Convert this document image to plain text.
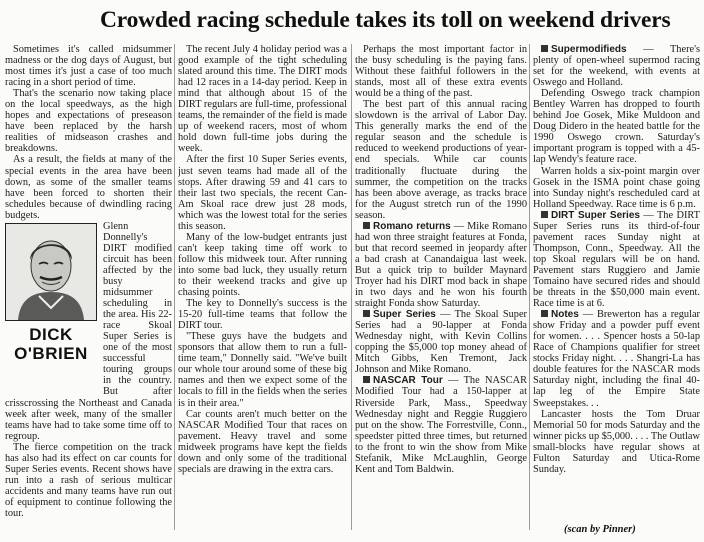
Crowded racing schedule takes its toll on weekend drivers

Sometimes it's called midsummer madness or the dog days of August, but most times it's just a case of too much racing in a short period of time.

That's the scenario now taking place on the local speedways, as the high hopes and expectations of preseason have been replaced by the harsh realities of midseason crashes and breakdowns.

As a result, the fields at many of the special events in the area have been down, as some of the smaller teams have been forced to shorten their schedules because of dwindling racing budgets.

DICK
O'BRIEN

Glenn Donnelly's DIRT modified circuit has been affected by the busy midsummer scheduling in the area. His 22-race Skoal Super Series is one of the most successful touring groups in the country. But after crisscrossing the Northeast and Canada week after week, many of the smaller teams have had to take some time off to regroup.

The fierce competition on the track has also had its effect on car counts for Super Series events. Recent shows have run into a rash of serious multicar accidents and many teams have run out of equipment to continue following the tour.

The recent July 4 holiday period was a good example of the tight scheduling slated around this time. The DIRT mods had 12 races in a 14-day period. Keep in mind that although about 15 of the DIRT regulars are full-time, professional teams, the remainder of the field is made up of weekend racers, most of whom hold down full-time jobs during the week.

After the first 10 Super Series events, just seven teams had made all of the stops. After drawing 59 and 41 cars to their last two specials, the recent Can-Am Skoal race drew just 28 mods, which was the lowest total for the series this season.

Many of the low-budget entrants just can't keep taking time off work to follow this midweek tour. After running into some bad luck, they usually return to their weekend tracks and give up chasing points.

The key to Donnelly's success is the 15-20 full-time teams that follow the DIRT tour.

"These guys have the budgets and sponsors that allow them to run a full-time team," Donnelly said. "We've built our whole tour around some of these big names and then we expect some of the locals to fill in the fields when the series is in their area."

Car counts aren't much better on the NASCAR Modified Tour that races on pavement. Heavy travel and some midweek programs have kept the fields down and only some of the traditional specials are drawing in the extra cars.

Perhaps the most important factor in the busy scheduling is the paying fans. Without these faithful followers in the stands, most all of these extra events would be a thing of the past.

The best part of this annual racing slowdown is the arrival of Labor Day. This generally marks the end of the regular season and the schedule is reduced to weekend productions of year-end specials. While car counts traditionally fluctuate during the summer, the competition on the tracks has been above average, as tracks brace for the August stretch run of the 1990 season.

Romano returns — Mike Romano had won three straight features at Fonda, but that record seemed in jeopardy after a bad crash at Canandaigua last week. But a quick trip to builder Maynard Troyer had his DIRT mod back in shape in two days and he won his fourth straight Fonda show Saturday.

Super Series — The Skoal Super Series had a 90-lapper at Fonda Wednesday night, with Kevin Collins copping the $5,000 top money ahead of Mitch Gibbs, Ken Tremont, Jack Johnson and Mike Romano.

NASCAR Tour — The NASCAR Modified Tour had a 150-lapper at Riverside Park, Mass., Speedway Wednesday night and Reggie Ruggiero put on the show. The Forrestville, Conn., speedster pitted three times, but returned to the front to win the show from Mike Stefanik, Mike McLaughlin, George Kent and Tom Baldwin.

Supermodifieds — There's plenty of open-wheel supermod racing set for the weekend, with events at Oswego and Holland.

Defending Oswego track champion Bentley Warren has dropped to fourth behind Joe Gosek, Mike Muldoon and Doug Didero in the heated battle for the 1990 Oswego crown. Saturday's important program is topped with a 45-lap Wendy's feature race.

Warren holds a six-point margin over Gosek in the ISMA point chase going into Sunday night's rescheduled card at Holland Speedway. Race time is 6 p.m.

DIRT Super Series — The DIRT Super Series runs its third-of-four pavement races Sunday night at Thompson, Conn., Speedway. All the top Skoal regulars will be on hand. Pavement stars Ruggiero and Jamie Tomaino have secured rides and should be threats in the $50,000 main event. Race time is at 6.

Notes — Brewerton has a regular show Friday and a powder puff event for women. . . . Spencer hosts a 50-lap Race of Champions qualifier for street stocks Friday night. . . . Shangri-La has double features for the NASCAR mods Saturday night, including the final 40-lap leg of the Empire State Sweepstakes. . .

Lancaster hosts the Tom Druar Memorial 50 for mods Saturday and the winner picks up $5,000. . . . The Outlaw small-blocks have regular shows at Fulton Saturday and Utica-Rome Sunday.

(scan by Pinner)
